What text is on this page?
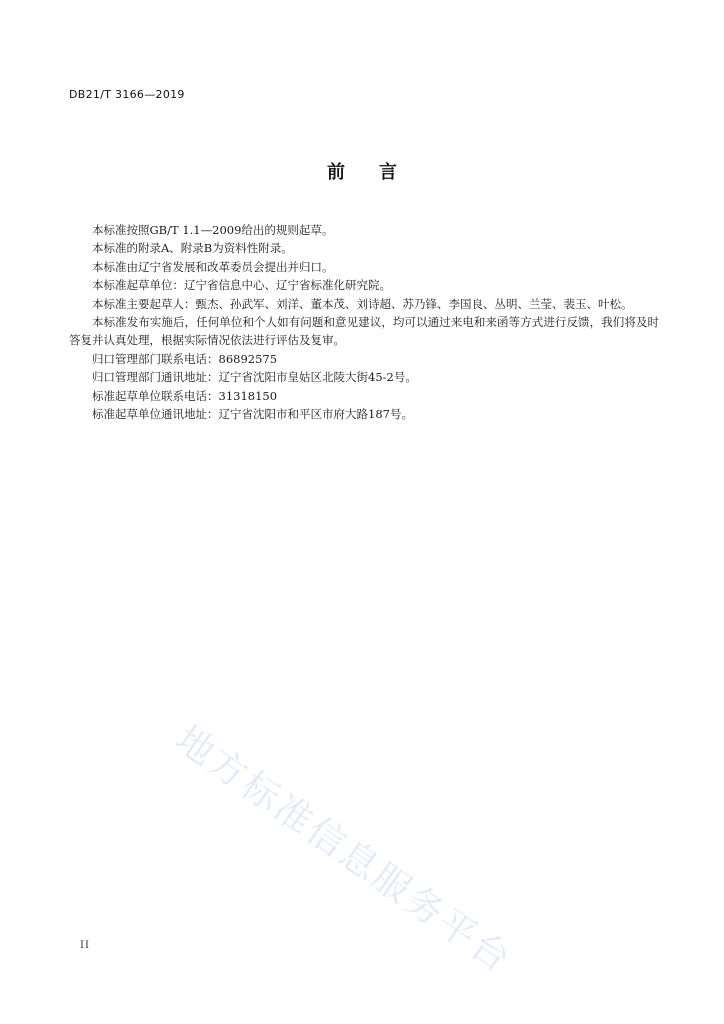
DB21/T 3166—2019
前言

本标准按照GB/T 1.1—2009给出的规则起草。

本标准的附录A、附录B为资料性附录。

本标准由辽宁省发展和改革委员会提出并归口。

本标准起草单位：辽宁省信息中心、辽宁省标准化研究院。

本标准主要起草人：甄杰、孙武军、刘洋、董本茂、刘诗超、苏乃锋、李国良、丛明、兰莹、裴玉、叶松。

本标准发布实施后，任何单位和个人如有问题和意见建议，均可以通过来电和来函等方式进行反馈，我们将及时答复并认真处理，根据实际情况依法进行评估及复审。

归口管理部门联系电话：86892575

归口管理部门通讯地址：辽宁省沈阳市皇姑区北陵大街45-2号。

标准起草单位联系电话：31318150

标准起草单位通讯地址：辽宁省沈阳市和平区市府大路187号。

地方标准信息服务平台
II
